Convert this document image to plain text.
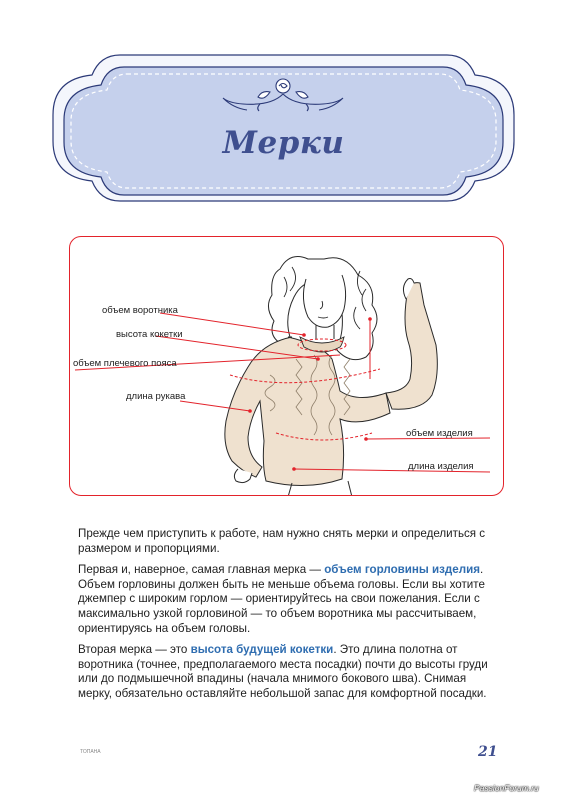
Мерки
объем воротника
высота кокетки
объем плечевого пояса
длина рукава
объем изделия
длина изделия

Прежде чем приступить к работе, нам нужно снять мерки и определиться с размером и пропорциями.

Первая и, наверное, самая главная мерка — объем горловины изделия. Объем горловины должен быть не меньше объема головы. Если вы хотите джемпер с широким горлом — ориентируйтесь на свои пожелания. Если с максимально узкой горловиной — то объем воротника мы рассчитываем, ориентируясь на объем головы.

Вторая мерка — это высота будущей кокетки. Это длина полотна от воротника (точнее, предполагаемого места посадки) почти до высоты груди или до подмышечной впадины (начала мнимого бокового шва). Снимая мерку, обязательно оставляйте небольшой запас для комфортной посадки.

ТОПАНА	21
PassionForum.ru
